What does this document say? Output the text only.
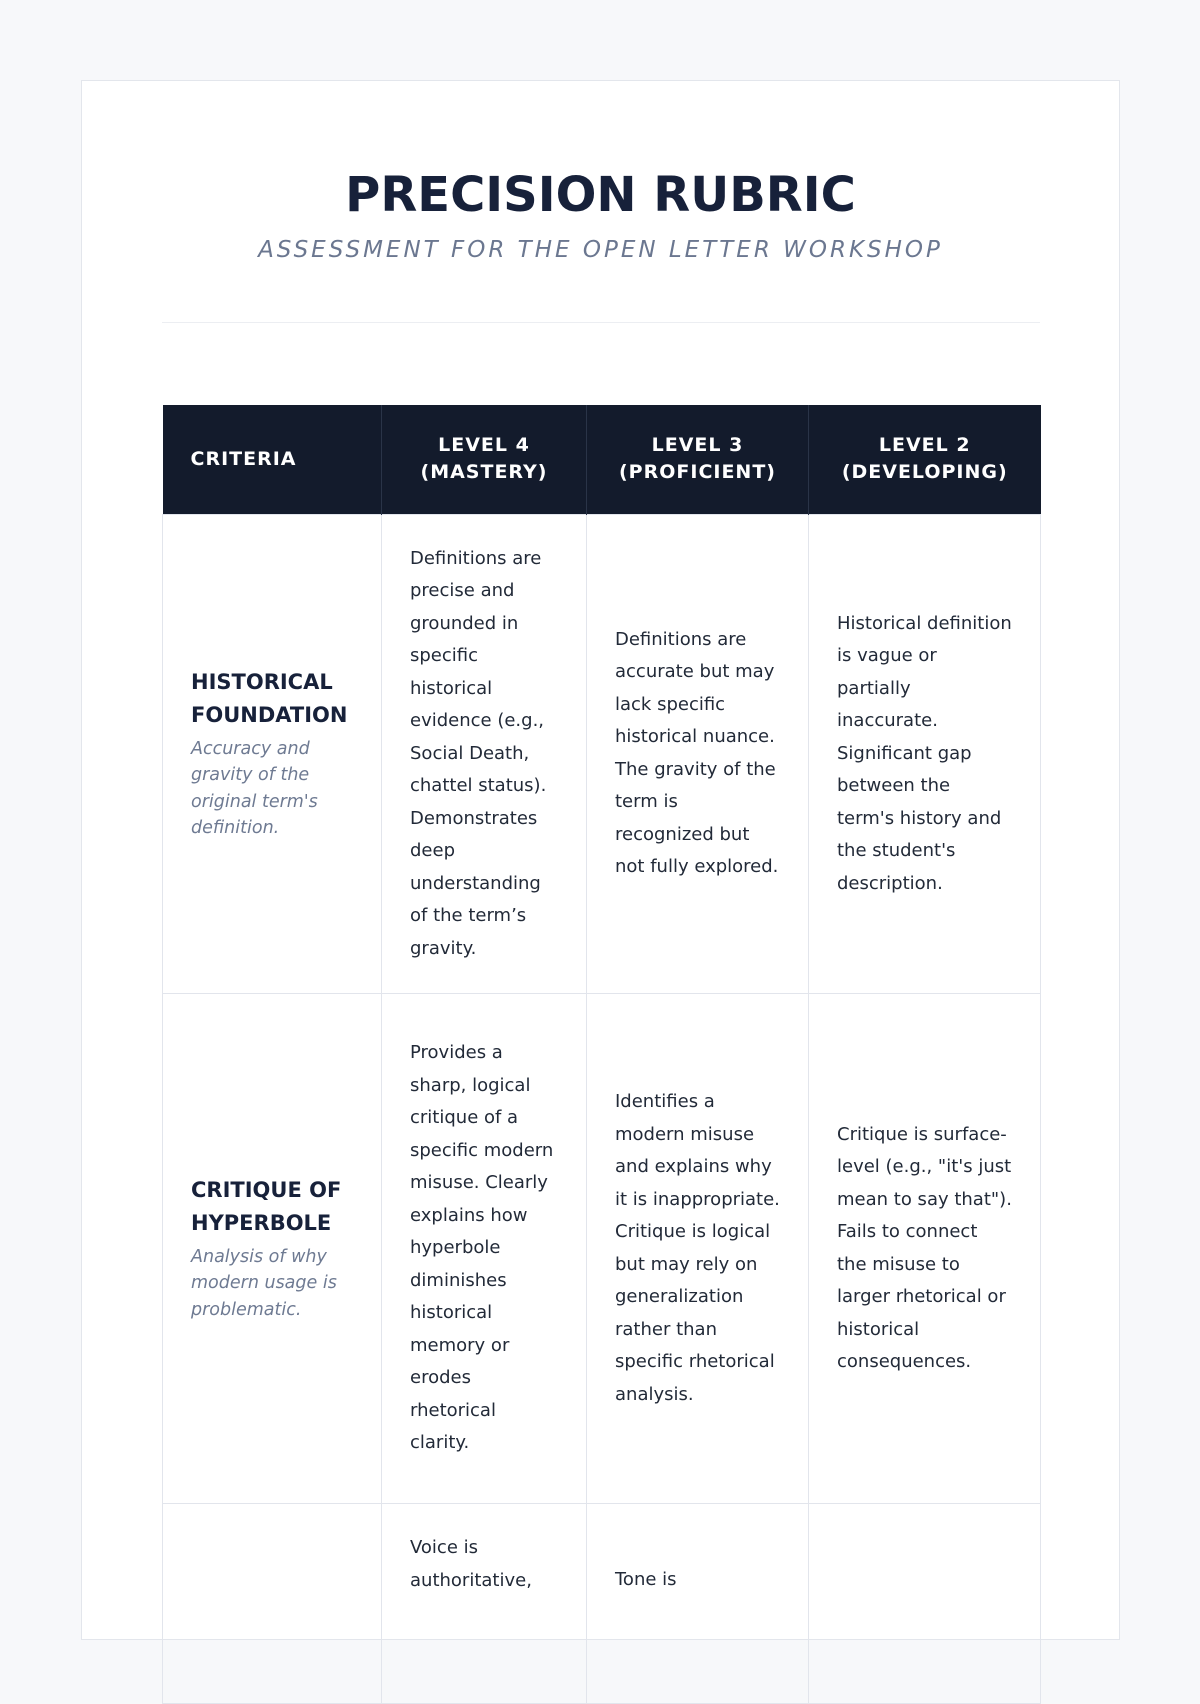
PRECISION RUBRIC
ASSESSMENT FOR THE OPEN LETTER WORKSHOP
CRITERIA	LEVEL 4 (MASTERY)	LEVEL 3 (PROFICIENT)	LEVEL 2 (DEVELOPING)

HISTORICAL FOUNDATION
Accuracy and gravity of the original term's definition.	Definitions are precise and grounded in specific historical evidence (e.g., Social Death, chattel status). Demonstrates deep understanding of the term’s gravity.	Definitions are accurate but may lack specific historical nuance. The gravity of the term is recognized but not fully explored.	Historical definition is vague or partially inaccurate. Significant gap between the term's history and the student's description.

CRITIQUE OF HYPERBOLE
Analysis of why modern usage is problematic.	Provides a sharp, logical critique of a specific modern misuse. Clearly explains how hyperbole diminishes historical memory or erodes rhetorical clarity.	Identifies a modern misuse and explains why it is inappropriate. Critique is logical but may rely on generalization rather than specific rhetorical analysis.	Critique is surface-level (e.g., "it's just mean to say that"). Fails to connect the misuse to larger rhetorical or historical consequences.

	Voice is authoritative,	Tone is	
